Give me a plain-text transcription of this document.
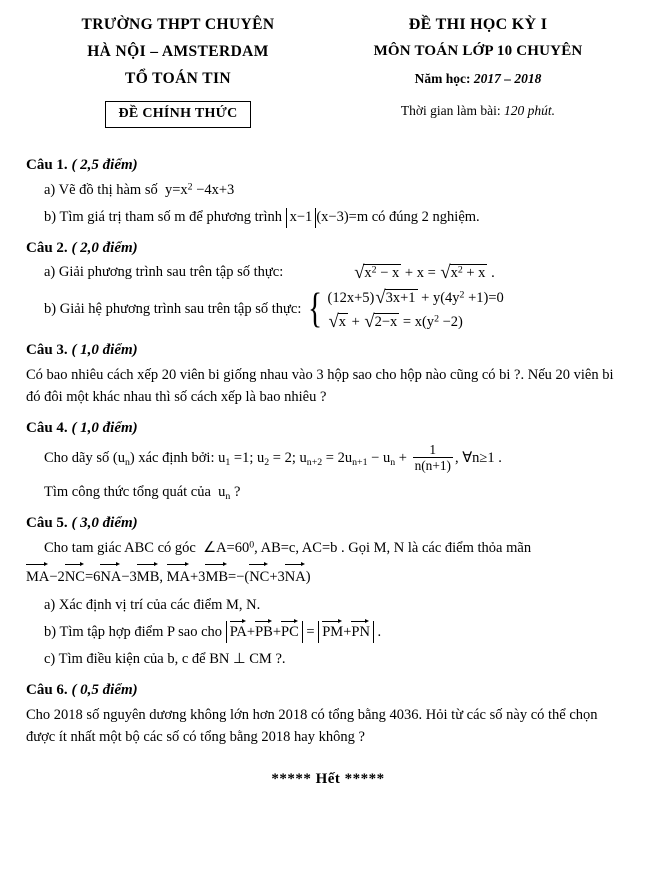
TRƯỜNG THPT CHUYÊN
HÀ NỘI – AMSTERDAM
TỔ TOÁN TIN
ĐỀ CHÍNH THỨC
ĐỀ THI HỌC KỲ I
MÔN TOÁN LỚP 10 CHUYÊN
Năm học: 2017 – 2018
Thời gian làm bài: 120 phút.
Câu 1. ( 2,5 điểm)
a) Vẽ đồ thị hàm số  $y=x^2 -4x+3$
b) Tìm giá trị tham số m để phương trình x−1 (x−3)=m có đúng 2 nghiệm.
Câu 2. ( 2,0 điểm)
a)
Giải phương trình sau trên tập số thực:	$√x^2 - x + x = √x^2 + x$ .
b)
Giải hệ phương trình sau trên tập số thực: { $(12x+5)√3x+1 + y(4y^2 +1)=0$
$√x + √2-x = x(y^2 -2)$
Câu 3. ( 1,0 điểm)
Có bao nhiêu cách xếp 20 viên bi giống nhau vào 3 hộp sao cho hộp nào cũng có bi ?. Nếu 20 viên bi đó đôi một khác nhau thì số cách xếp là bao nhiêu ?
Câu 4. ( 1,0 điểm)
Cho dãy số $(u_n)$ xác định bởi:
$u_1 =1$; $u_2 = 2$; $u_{n+2} = 2u_{n+1} - u_n + \frac{1}{n(n+1)}$ , ∀n≥1 .
Tìm công thức tổng quát của  $u_n$ ?
Câu 5. ( 3,0 điểm)
Cho tam giác ABC có góc  $\angle A=60^0$, AB=c, AC=b . Gọi M, N là các điểm thỏa mãn
MA−2
NC=6
NA−3
MB,
MA+3
MB=−(
NC+3
NA)
a) Xác định vị trí của các điểm M, N.
b) Tìm tập hợp điểm P sao cho PA+
PB+
PC =
PM+
PN .
c) Tìm điều kiện của b, c để BN ⊥ CM ?.
Câu 6. ( 0,5 điểm)
Cho 2018 số nguyên dương không lớn hơn 2018 có tổng bằng 4036. Hỏi từ các số này có thể chọn được ít nhất một bộ các số có tổng bằng 2018 hay không ?
***** Hết *****
